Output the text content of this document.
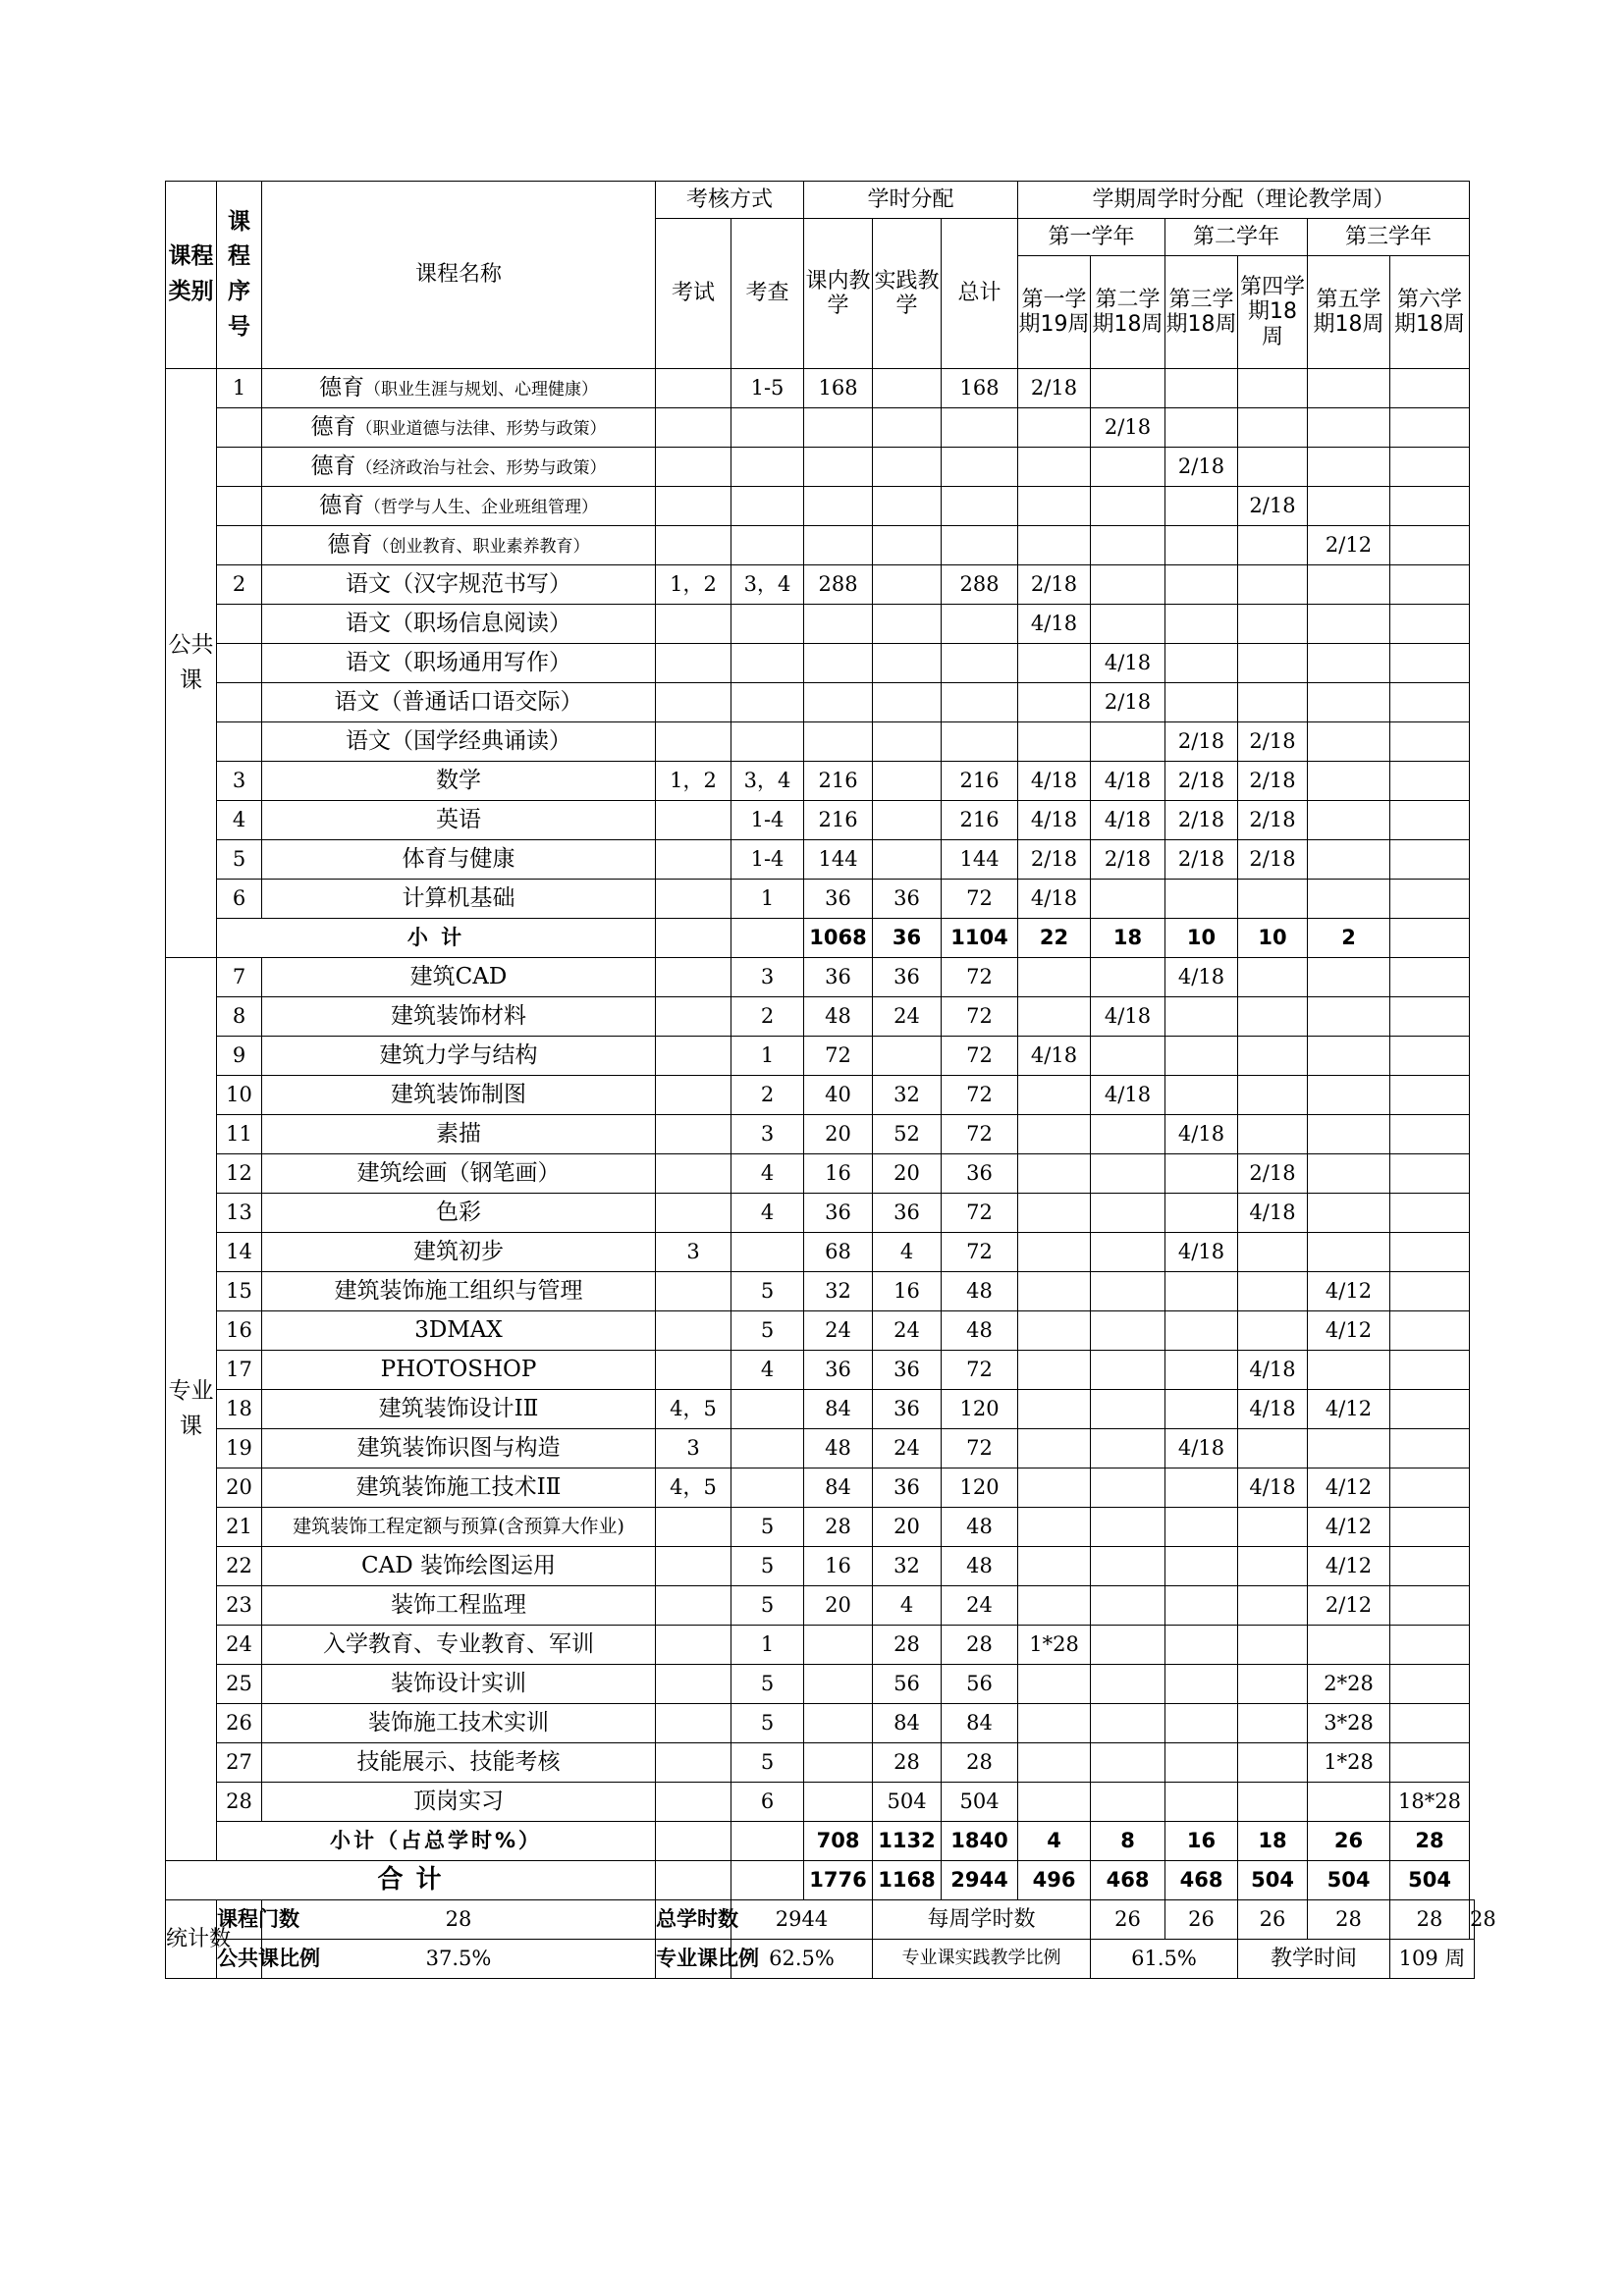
课程类别	课程序号	课程名称	考核方式		学时分配			学期周学时分配（理论教学周）						
			考试	考查	课内教学	实践教学	总计	第一学年		第二学年		第三学年		
								第一学期19周	第二学期18周	第三学期18周	第四学期18周	第五学期18周	第六学期18周	
公共课	1	德育（职业生涯与规划、心理健康）		1-5	168		168	2/18						
		德育（职业道德与法律、形势与政策）							2/18					
		德育（经济政治与社会、形势与政策）								2/18				
		德育（哲学与人生、企业班组管理）									2/18			
		德育（创业教育、职业素养教育）										2/12		
	2	语文（汉字规范书写）	1，2	3，4	288		288	2/18						
		语文（职场信息阅读）						4/18						
		语文（职场通用写作）							4/18					
		语文（普通话口语交际）							2/18					
		语文（国学经典诵读）								2/18	2/18			
	3	数学	1，2	3，4	216		216	4/18	4/18	2/18	2/18			
	4	英语		1-4	216		216	4/18	4/18	2/18	2/18			
	5	体育与健康		1-4	144		144	2/18	2/18	2/18	2/18			
	6	计算机基础		1	36	36	72	4/18						
	小 计				1068	36	1104	22	18	10	10	2		
专业课	7	建筑CAD		3	36	36	72			4/18				
	8	建筑装饰材料		2	48	24	72		4/18					
	9	建筑力学与结构		1	72		72	4/18						
	10	建筑装饰制图		2	40	32	72		4/18					
	11	素描		3	20	52	72			4/18				
	12	建筑绘画（钢笔画）		4	16	20	36				2/18			
	13	色彩		4	36	36	72				4/18			
	14	建筑初步	3		68	4	72			4/18				
	15	建筑装饰施工组织与管理		5	32	16	48					4/12		
	16	3DMAX		5	24	24	48					4/12		
	17	PHOTOSHOP		4	36	36	72				4/18			
	18	建筑装饰设计ⅠⅡ	4，5		84	36	120				4/18	4/12		
	19	建筑装饰识图与构造	3		48	24	72			4/18				
	20	建筑装饰施工技术ⅠⅡ	4，5		84	36	120				4/18	4/12		
	21	建筑装饰工程定额与预算(含预算大作业)		5	28	20	48					4/12		
	22	CAD 装饰绘图运用		5	16	32	48					4/12		
	23	装饰工程监理		5	20	4	24					2/12		
	24	入学教育、专业教育、军训		1		28	28	1*28						
	25	装饰设计实训		5		56	56					2*28		
	26	装饰施工技术实训		5		84	84					3*28		
	27	技能展示、技能考核		5		28	28					1*28		
	28	顶岗实习		6		504	504						18*28	
	小计（占总学时%）				708	1132	1840	4	8	16	18	26	28	
合 计					1776	1168	2944	496	468	468	504	504	504	
统计数	课程门数	28	总学时数	2944		每周学时数			26	26	26	28	28	28
	公共课比例	37.5%	专业课比例	62.5%		专业课实践教学比例			61.5%		教学时间		109 周	
